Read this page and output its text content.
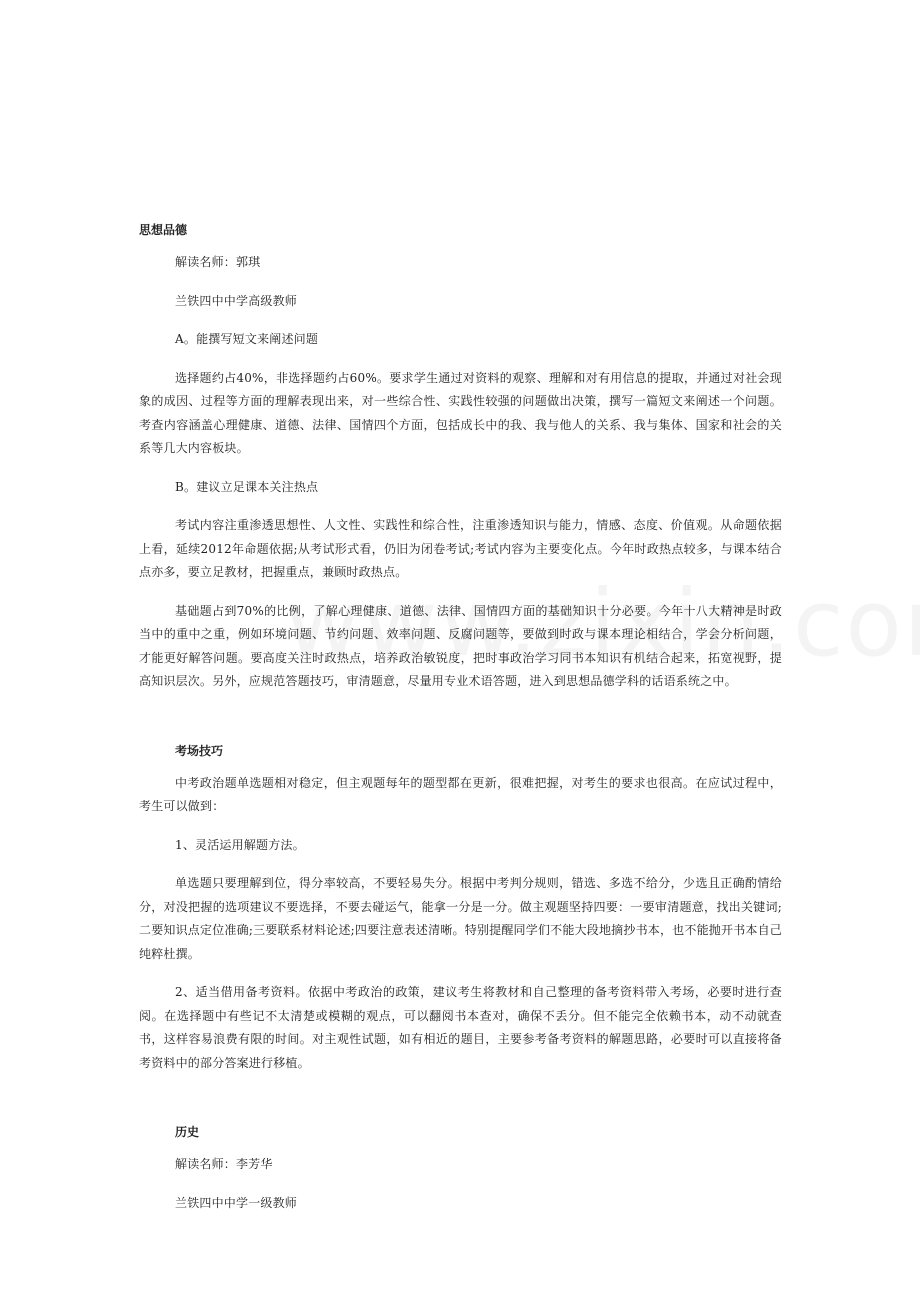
思想品德

解读名师：郭琪

兰铁四中中学高级教师

A。能撰写短文来阐述问题

选择题约占40%，非选择题约占60%。要求学生通过对资料的观察、理解和对有用信息的提取，并通过对社会现象的成因、过程等方面的理解表现出来，对一些综合性、实践性较强的问题做出决策，撰写一篇短文来阐述一个问题。考查内容涵盖心理健康、道德、法律、国情四个方面，包括成长中的我、我与他人的关系、我与集体、国家和社会的关系等几大内容板块。

B。建议立足课本关注热点

考试内容注重渗透思想性、人文性、实践性和综合性，注重渗透知识与能力，情感、态度、价值观。从命题依据上看，延续2012年命题依据;从考试形式看，仍旧为闭卷考试;考试内容为主要变化点。今年时政热点较多，与课本结合点亦多，要立足教材，把握重点，兼顾时政热点。

基础题占到70%的比例，了解心理健康、道德、法律、国情四方面的基础知识十分必要。今年十八大精神是时政当中的重中之重，例如环境问题、节约问题、效率问题、反腐问题等，要做到时政与课本理论相结合，学会分析问题，才能更好解答问题。要高度关注时政热点，培养政治敏锐度，把时事政治学习同书本知识有机结合起来，拓宽视野，提高知识层次。另外，应规范答题技巧，审清题意，尽量用专业术语答题，进入到思想品德学科的话语系统之中。

考场技巧

中考政治题单选题相对稳定，但主观题每年的题型都在更新，很难把握，对考生的要求也很高。在应试过程中，考生可以做到：

1、灵活运用解题方法。

单选题只要理解到位，得分率较高，不要轻易失分。根据中考判分规则，错选、多选不给分，少选且正确酌情给分，对没把握的选项建议不要选择，不要去碰运气，能拿一分是一分。做主观题坚持四要：一要审清题意，找出关键词;二要知识点定位准确;三要联系材料论述;四要注意表述清晰。特别提醒同学们不能大段地摘抄书本，也不能抛开书本自己纯粹杜撰。

2、适当借用备考资料。依据中考政治的政策，建议考生将教材和自己整理的备考资料带入考场，必要时进行查阅。在选择题中有些记不太清楚或模糊的观点，可以翻阅书本查对，确保不丢分。但不能完全依赖书本，动不动就查书，这样容易浪费有限的时间。对主观性试题，如有相近的题目，主要参考备考资料的解题思路，必要时可以直接将备考资料中的部分答案进行移植。

历史

解读名师：李芳华

兰铁四中中学一级教师
